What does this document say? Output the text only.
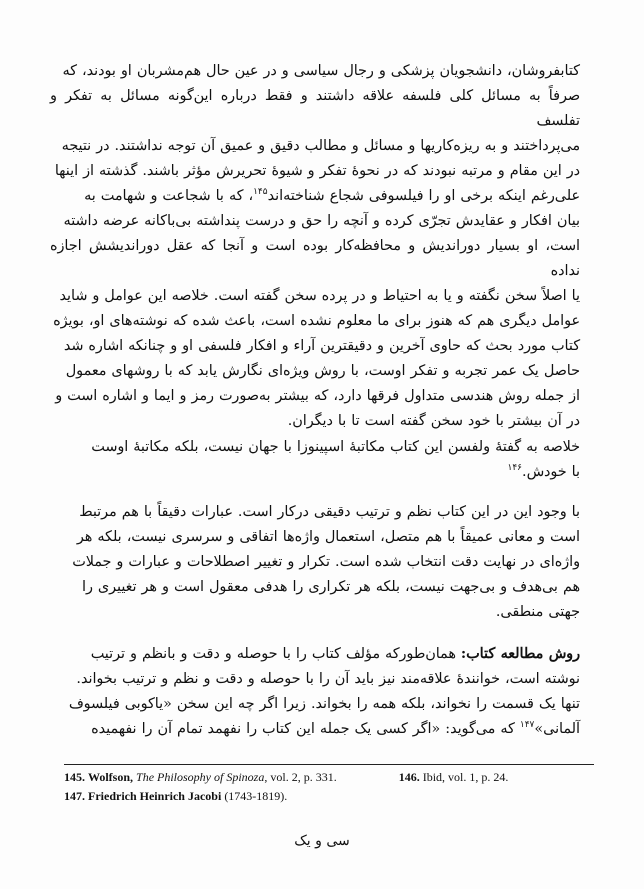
کتابفروشان، دانشجویان پزشکی و رجال سیاسی و در عین حال هم‌مشربان او بودند، که

صرفاً به مسائل کلی فلسفه علاقه داشتند و فقط درباره این‌گونه مسائل به تفکر و تفلسف

می‌پرداختند و به ریزه‌کاریها و مسائل و مطالب دقیق و عمیق آن توجه نداشتند. در نتیجه

در این مقام و مرتبه نبودند که در نحوهٔ تفکر و شیوهٔ تحریرش مؤثر باشند. گذشته از اینها

علی‌رغم اینکه برخی او را فیلسوفی شجاع شناخته‌اند$^{۱۴۵}$، که با شجاعت و شهامت به

بیان افکار و عقایدش تجرّی کرده و آنچه را حق و درست پنداشته بی‌باکانه عرضه داشته

است، او بسیار دوراندیش و محافظه‌کار بوده است و آنجا که عقل دوراندیشش اجازه نداده

یا اصلاً سخن نگفته و یا به احتیاط و در پرده سخن گفته است. خلاصه این عوامل و شاید

عوامل دیگری هم که هنوز برای ما معلوم نشده است، باعث شده که نوشته‌های او، بویژه

کتاب مورد بحث که حاوی آخرین و دقیقترین آراء و افکار فلسفی او و چنانکه اشاره شد

حاصل یک عمر تجربه و تفکر اوست، با روش ویژه‌ای نگارش یابد که با روشهای معمول

از جمله روش هندسی متداول فرقها دارد، که بیشتر به‌صورت رمز و ایما و اشاره است و

در آن بیشتر با خود سخن گفته است تا با دیگران.

خلاصه به گفتهٔ ولفسن این کتاب مکاتبهٔ اسپینوزا با جهان نیست، بلکه مکاتبهٔ اوست

با خودش.$^{۱۴۶}$

با وجود این در این کتاب نظم و ترتیب دقیقی درکار است. عبارات دقیقاً با هم مرتبط

است و معانی عمیقاً با هم متصل، استعمال واژه‌ها اتفاقی و سرسری نیست، بلکه هر

واژه‌ای در نهایت دقت انتخاب شده است. تکرار و تغییر اصطلاحات و عبارات و جملات

هم بی‌هدف و بی‌جهت نیست، بلکه هر تکراری را هدفی معقول است و هر تغییری را

جهتی منطقی.

روش مطالعه کتاب: همان‌طورکه مؤلف کتاب را با حوصله و دقت و بانظم و ترتیب

نوشته است، خوانندهٔ علاقه‌مند نیز باید آن را با حوصله و دقت و نظم و ترتیب بخواند.

تنها یک قسمت را نخواند، بلکه همه را بخواند. زیرا اگر چه این سخن «یاکوبی فیلسوف

آلمانی»$^{۱۴۷}$ که می‌گوید: «اگر کسی یک جمله این کتاب را نفهمد تمام آن را نفهمیده

145. Wolfson, The Philosophy of Spinoza, vol. 2, p. 331.	146. Ibid, vol. 1, p. 24.
147. Friedrich Heinrich Jacobi (1743-1819).
سی و یک
